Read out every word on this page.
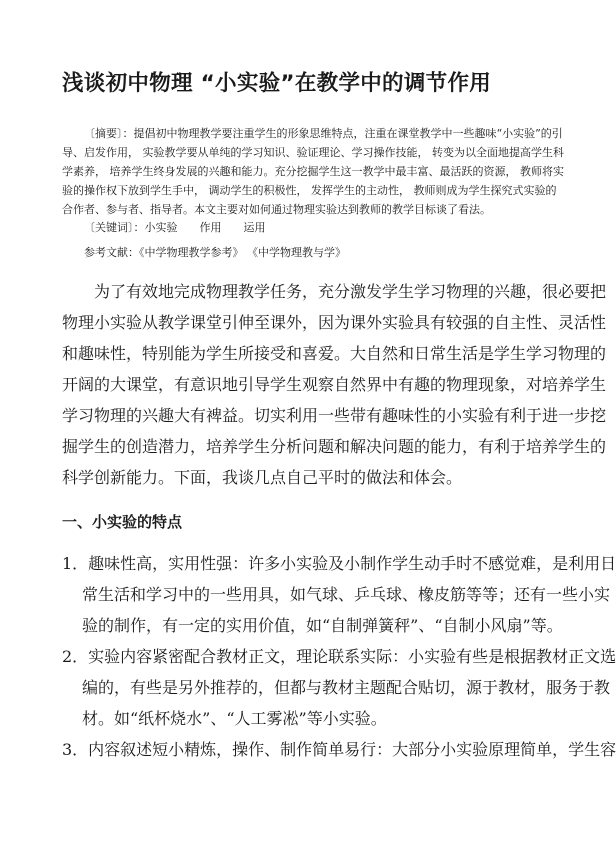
浅谈初中物理 “小实验”在教学中的调节作用
〔摘要〕：提倡初中物理教学要注重学生的形象思维特点，注重在课堂教学中一些趣味“小实验”的引
导、启发作用， 实验教学要从单纯的学习知识、验证理论、学习操作技能， 转变为以全面地提高学生科
学素养， 培养学生终身发展的兴趣和能力。充分挖掘学生这一教学中最丰富、最活跃的资源， 教师将实
验的操作权下放到学生手中， 调动学生的积极性， 发挥学生的主动性， 教师则成为学生探究式实验的
合作者、参与者、指导者。本文主要对如何通过物理实验达到教师的教学目标谈了看法。
〔关键词〕：小实验　　作用　　运用
参考文献：《中学物理教学参考》 《中学物理教与学》
为了有效地完成物理教学任务，充分激发学生学习物理的兴趣，很必要把
物理小实验从教学课堂引伸至课外，因为课外实验具有较强的自主性、灵活性
和趣味性，特别能为学生所接受和喜爱。大自然和日常生活是学生学习物理的
开阔的大课堂，有意识地引导学生观察自然界中有趣的物理现象，对培养学生
学习物理的兴趣大有裨益。切实利用一些带有趣味性的小实验有利于进一步挖
掘学生的创造潜力，培养学生分析问题和解决问题的能力，有利于培养学生的
科学创新能力。下面，我谈几点自己平时的做法和体会。
一、小实验的特点
1．趣味性高，实用性强：许多小实验及小制作学生动手时不感觉难，是利用日
常生活和学习中的一些用具，如气球、乒乓球、橡皮筋等等；还有一些小实
验的制作，有一定的实用价值，如“自制弹簧秤”、“自制小风扇”等。
2．实验内容紧密配合教材正文，理论联系实际：小实验有些是根据教材正文选
编的，有些是另外推荐的，但都与教材主题配合贴切，源于教材，服务于教
材。如“纸杯烧水”、“人工雾凇”等小实验。
3．内容叙述短小精炼，操作、制作简单易行：大部分小实验原理简单，学生容
